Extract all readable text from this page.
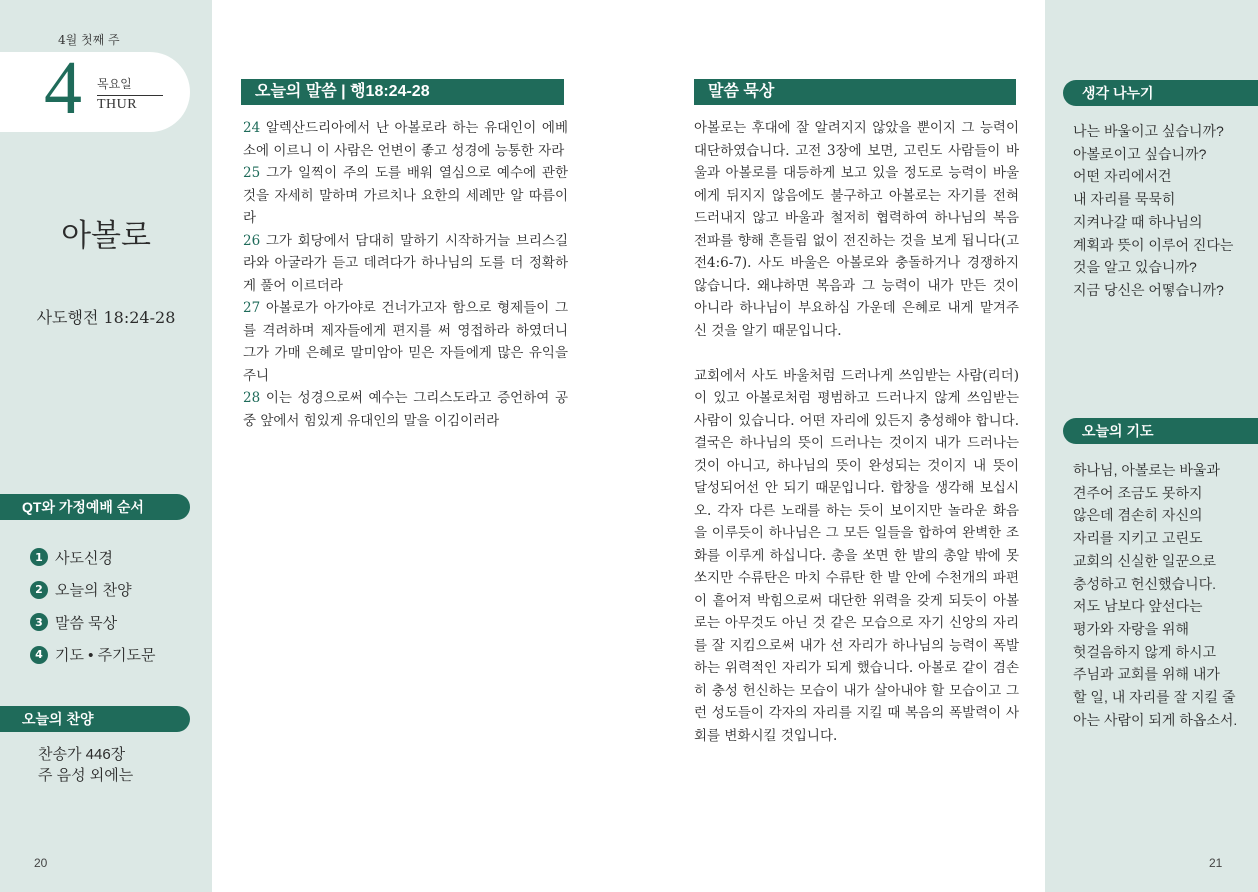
4월 첫째 주
4 목요일
THUR
아볼로
사도행전 18:24-28
QT와 가정예배 순서
1 사도신경
2 오늘의 찬양
3 말씀 묵상
4 기도 • 주기도문
오늘의 찬양
찬송가 446장
주 음성 외에는
20
오늘의 말씀 | 행18:24-28
24 알렉산드리아에서 난 아볼로라 하는 유대인이 에베소에 이르니 이 사람은 언변이 좋고 성경에 능통한 자라
25 그가 일찍이 주의 도를 배워 열심으로 예수에 관한 것을 자세히 말하며 가르치나 요한의 세례만 알 따름이라
26 그가 회당에서 담대히 말하기 시작하거늘 브리스길라와 아굴라가 듣고 데려다가 하나님의 도를 더 정확하게 풀어 이르더라
27 아볼로가 아가야로 건너가고자 함으로 형제들이 그를 격려하며 제자들에게 편지를 써 영접하라 하였더니 그가 가매 은혜로 말미암아 믿은 자들에게 많은 유익을 주니
28 이는 성경으로써 예수는 그리스도라고 증언하여 공중 앞에서 힘있게 유대인의 말을 이김이러라
말씀 묵상

아볼로는 후대에 잘 알려지지 않았을 뿐이지 그 능력이 대단하였습니다. 고전 3장에 보면, 고린도 사람들이 바울과 아볼로를 대등하게 보고 있을 정도로 능력이 바울에게 뒤지지 않음에도 불구하고 아볼로는 자기를 전혀 드러내지 않고 바울과 철저히 협력하여 하나님의 복음 전파를 향해 흔들림 없이 전진하는 것을 보게 됩니다(고전4:6-7). 사도 바울은 아볼로와 충돌하거나 경쟁하지 않습니다. 왜냐하면 복음과 그 능력이 내가 만든 것이 아니라 하나님이 부요하심 가운데 은혜로 내게 맡겨주신 것을 알기 때문입니다.

교회에서 사도 바울처럼 드러나게 쓰임받는 사람(리더)이 있고 아볼로처럼 평범하고 드러나지 않게 쓰임받는 사람이 있습니다. 어떤 자리에 있든지 충성해야 합니다. 결국은 하나님의 뜻이 드러나는 것이지 내가 드러나는 것이 아니고, 하나님의 뜻이 완성되는 것이지 내 뜻이 달성되어선 안 되기 때문입니다. 합창을 생각해 보십시오. 각자 다른 노래를 하는 듯이 보이지만 놀라운 화음을 이루듯이 하나님은 그 모든 일들을 합하여 완벽한 조화를 이루게 하십니다. 총을 쏘면 한 발의 총알 밖에 못 쏘지만 수류탄은 마치 수류탄 한 발 안에 수천개의 파편이 흩어져 박힘으로써 대단한 위력을 갖게 되듯이 아볼로는 아무것도 아닌 것 같은 모습으로 자기 신앙의 자리를 잘 지킴으로써 내가 선 자리가 하나님의 능력이 폭발하는 위력적인 자리가 되게 했습니다. 아볼로 같이 겸손히 충성 헌신하는 모습이 내가 살아내야 할 모습이고 그런 성도들이 각자의 자리를 지킬 때 복음의 폭발력이 사회를 변화시킬 것입니다.

생각 나누기
나는 바울이고 싶습니까?
아볼로이고 싶습니까?
어떤 자리에서건
내 자리를 묵묵히
지켜나갈 때 하나님의
계획과 뜻이 이루어 진다는
것을 알고 있습니까?
지금 당신은 어떻습니까?
오늘의 기도
하나님, 아볼로는 바울과
견주어 조금도 못하지
않은데 겸손히 자신의
자리를 지키고 고린도
교회의 신실한 일꾼으로
충성하고 헌신했습니다.
저도 남보다 앞선다는
평가와 자랑을 위해
헛걸음하지 않게 하시고
주님과 교회를 위해 내가
할 일, 내 자리를 잘 지킬 줄
아는 사람이 되게 하옵소서.
21
